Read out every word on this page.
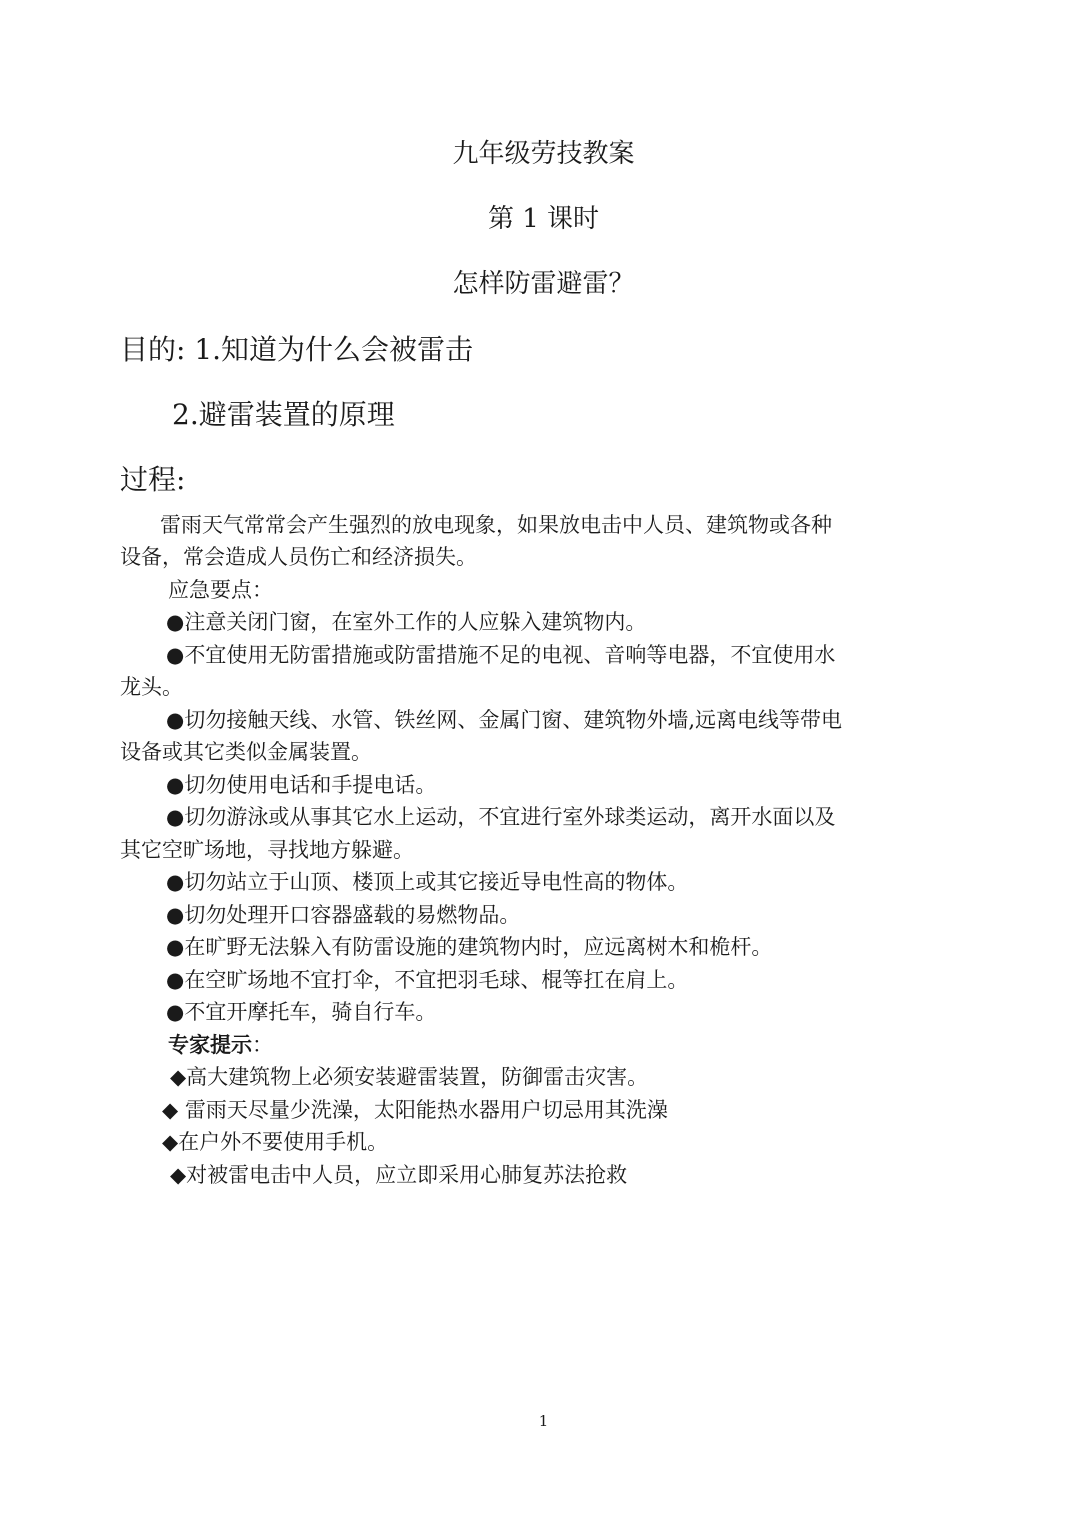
九年级劳技教案
第 1 课时
怎样防雷避雷？
目的: 1.知道为什么会被雷击
2.避雷装置的原理
过程:
雷雨天气常常会产生强烈的放电现象，如果放电击中人员、建筑物或各种
设备，常会造成人员伤亡和经济损失。
应急要点：
●注意关闭门窗，在室外工作的人应躲入建筑物内。
●不宜使用无防雷措施或防雷措施不足的电视、音响等电器，不宜使用水
龙头。
●切勿接触天线、水管、铁丝网、金属门窗、建筑物外墙,远离电线等带电
设备或其它类似金属装置。
●切勿使用电话和手提电话。
●切勿游泳或从事其它水上运动，不宜进行室外球类运动，离开水面以及
其它空旷场地，寻找地方躲避。
●切勿站立于山顶、楼顶上或其它接近导电性高的物体。
●切勿处理开口容器盛载的易燃物品。
●在旷野无法躲入有防雷设施的建筑物内时，应远离树木和桅杆。
●在空旷场地不宜打伞，不宜把羽毛球、棍等扛在肩上。
●不宜开摩托车，骑自行车。
专家提示：
◆高大建筑物上必须安装避雷装置，防御雷击灾害。
◆ 雷雨天尽量少洗澡，太阳能热水器用户切忌用其洗澡
◆在户外不要使用手机。
◆对被雷电击中人员，应立即采用心肺复苏法抢救
1
